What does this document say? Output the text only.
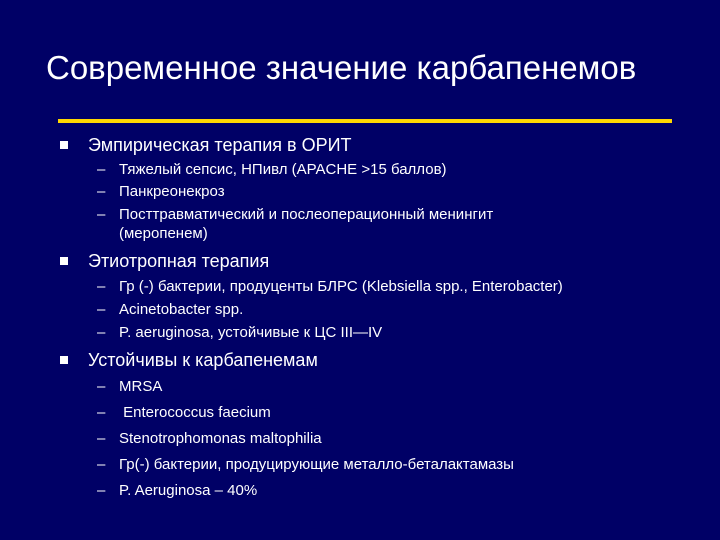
Современное значение карбапенемов
Эмпирическая терапия в ОРИТ
– Тяжелый сепсис, НПивл (APACHE >15 баллов)
– Панкреонекроз
– Посттравматический и послеоперационный менингит
(меропенем)
Этиотропная терапия
– Гр (-) бактерии, продуценты БЛРС (Klebsiella spp., Enterobacter)
– Acinetobacter spp.
– P. aeruginosa, устойчивые к ЦС III—IV
Устойчивы к карбапенемам
– MRSA
– Enterococcus faecium
– Stenotrophomonas maltophilia
– Гр(-) бактерии, продуцирующие металло-беталактамазы
– P. Aeruginosa – 40%
